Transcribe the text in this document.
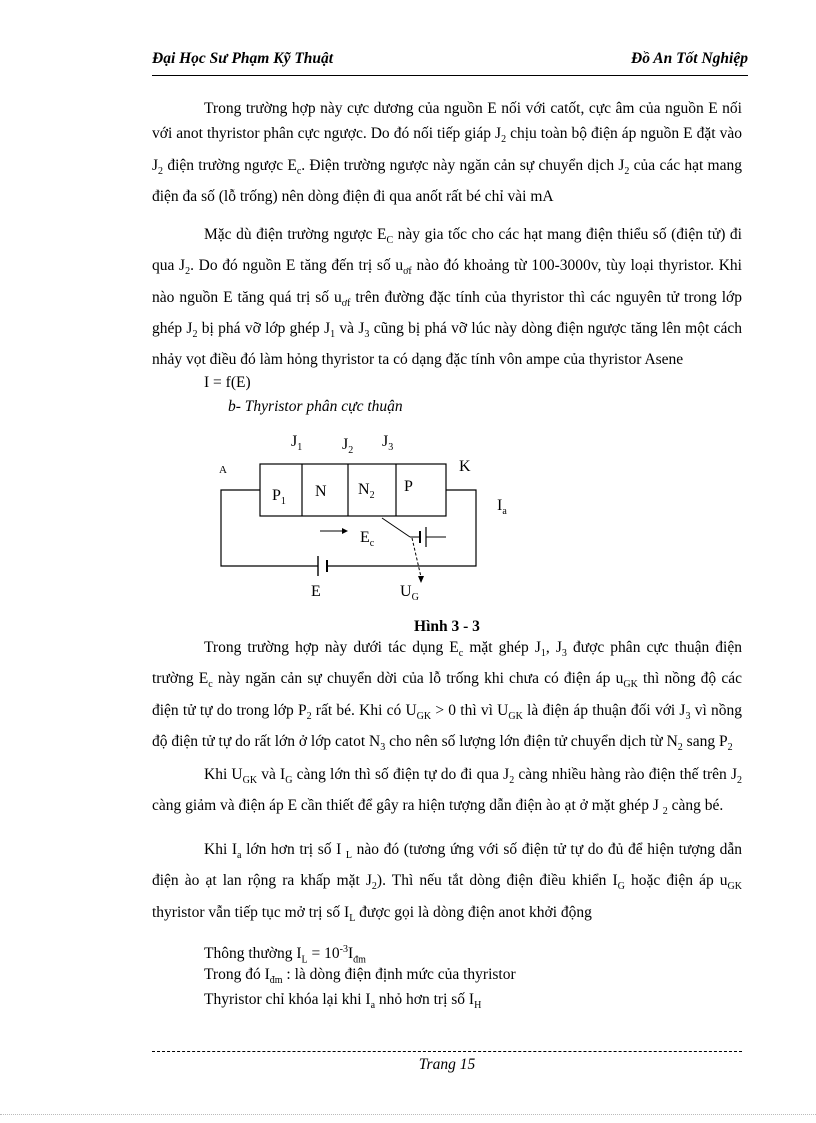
Đại Học Sư Phạm Kỹ Thuật	Đồ An Tốt Nghiệp
Trong trường hợp này cực dương của nguồn E nối với catốt, cực âm của nguồn E nối với anot thyristor phân cực ngược. Do đó nối tiếp giáp $J_2$ chịu toàn bộ điện áp nguồn E đặt vào $J_2$ điện trường ngược $E_c$. Điện trường ngược này ngăn cản sự chuyển dịch $J_2$ của các hạt mang điện đa số (lỗ trống) nên dòng điện đi qua anốt rất bé chỉ vài mA
Mặc dù điện trường ngược $E_C$ này gia tốc cho các hạt mang điện thiểu số (điện tử) đi qua $J_2$. Do đó nguồn E tăng đến trị số $u_{ơf}$ nào đó khoảng từ 100-3000v, tùy loại thyristor. Khi nào nguồn E tăng quá trị số $u_{ơf}$ trên đường đặc tính của thyristor thì các nguyên tử trong lớp ghép $J_2$ bị phá vỡ lớp ghép $J_1$ và $J_3$ cũng bị phá vỡ lúc này dòng điện ngược tăng lên một cách nhảy vọt điều đó làm hỏng thyristor ta có dạng đặc tính vôn ampe của thyristor Asene
I = f(E)
b- Thyristor phân cực thuận
$J_1$ $J_2$
$J_3$
A	K
$P_1$
N $N_2$
P
E
$I_a$
$E_c$
$U_G$
Hình 3 - 3
Trong trường hợp này dưới tác dụng $E_c$ mặt ghép $J_1$, $J_3$ được phân cực thuận điện trường $E_c$ này ngăn cản sự chuyển dời của lỗ trống khi chưa có điện áp $u_{GK}$ thì nồng độ các điện tử tự do trong lớp $P_2$ rất bé. Khi có $U_{GK} > 0$ thì vì $U_{GK}$ là điện áp thuận đối với $J_3$ vì nồng độ điện tử tự do rất lớn ở lớp catot $N_3$ cho nên số lượng lớn điện tử chuyển dịch từ $N_2$ sang $P_2$
Khi $U_{GK}$ và $I_G$ càng lớn thì số điện tự do đi qua $J_2$ càng nhiều hàng rào điện thế trên $J_2$ càng giảm và điện áp E cần thiết để gây ra hiện tượng dẫn điện ào ạt ở mặt ghép J $_2$ càng bé.
Khi $I_a$ lớn hơn trị số I $_L$ nào đó (tương ứng với số điện tử tự do đủ để hiện tượng dẫn điện ào ạt lan rộng ra khấp mặt $J_2$). Thì nếu tắt dòng điện điều khiển $I_G$ hoặc điện áp $u_{GK}$ thyristor vẫn tiếp tục mở trị số $I_L$ được gọi là dòng điện anot khởi động
Thông thường $I_L = 10^{-3}I_{đm}$
Trong đó $I_{đm}$ : là dòng điện định mức của thyristor
Thyristor chỉ khóa lại khi $I_a$ nhỏ hơn trị số $I_H$
Trang 15
